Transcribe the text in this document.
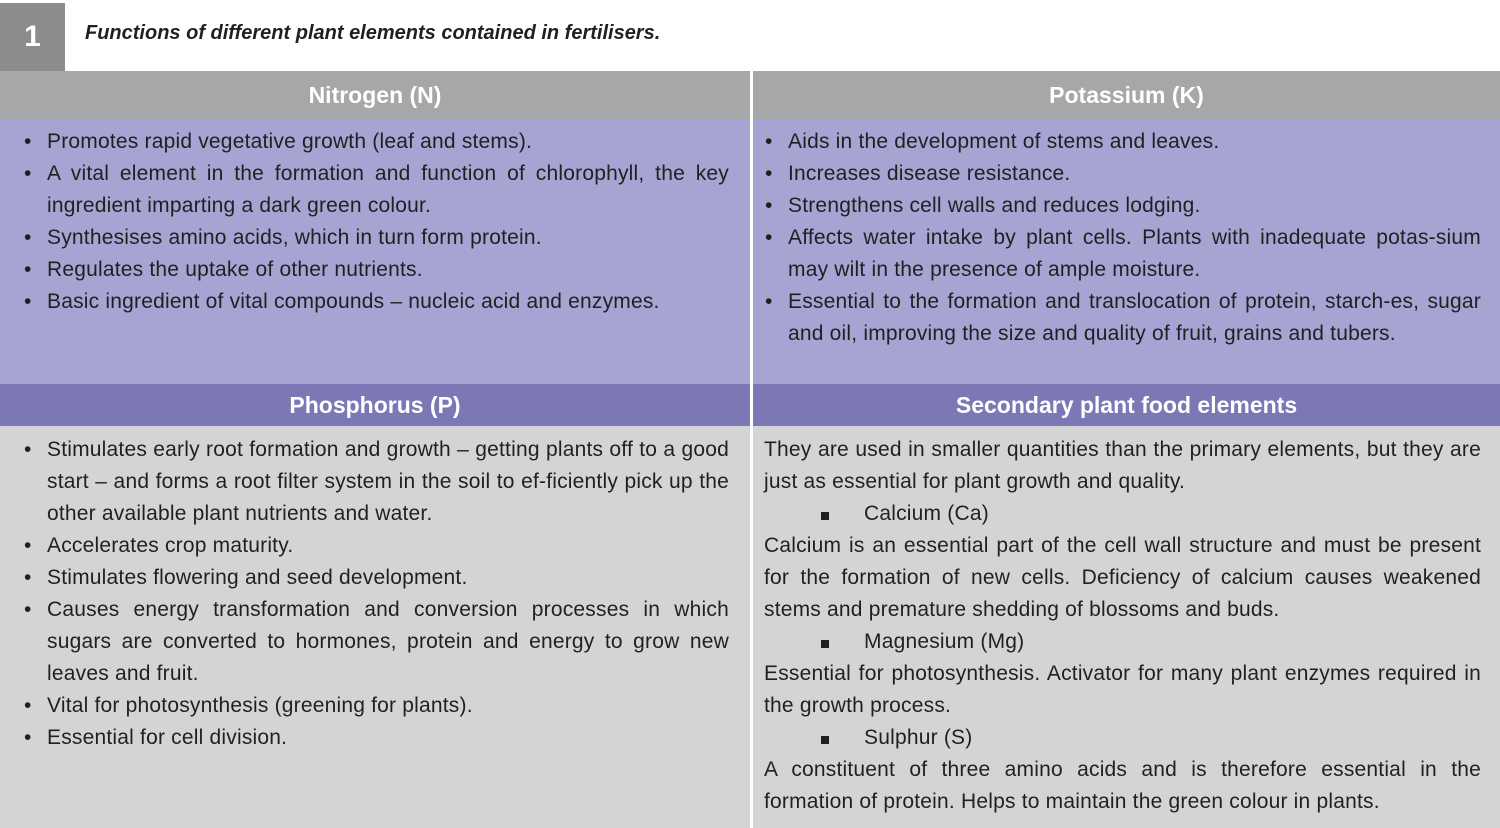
1	Functions of different plant elements contained in fertilisers.
Nitrogen (N)
• Promotes rapid vegetative growth (leaf and stems).
• A vital element in the formation and function of chlorophyll, the key ingredient imparting a dark green colour.
• Synthesises amino acids, which in turn form protein.
• Regulates the uptake of other nutrients.
• Basic ingredient of vital compounds – nucleic acid and enzymes.
Potassium (K)
• Aids in the development of stems and leaves.
• Increases disease resistance.
• Strengthens cell walls and reduces lodging.
• Affects water intake by plant cells. Plants with inadequate potas-sium may wilt in the presence of ample moisture.
• Essential to the formation and translocation of protein, starch-es, sugar and oil, improving the size and quality of fruit, grains and tubers.
Phosphorus (P)
• Stimulates early root formation and growth – getting plants off to a good start – and forms a root filter system in the soil to ef-ficiently pick up the other available plant nutrients and water.
• Accelerates crop maturity.
• Stimulates flowering and seed development.
• Causes energy transformation and conversion processes in which sugars are converted to hormones, protein and energy to grow new leaves and fruit.
• Vital for photosynthesis (greening for plants).
• Essential for cell division.
Secondary plant food elements

They are used in smaller quantities than the primary elements, but they are just as essential for plant growth and quality.

Calcium (Ca)

Calcium is an essential part of the cell wall structure and must be present for the formation of new cells. Deficiency of calcium causes weakened stems and premature shedding of blossoms and buds.

Magnesium (Mg)

Essential for photosynthesis. Activator for many plant enzymes required in the growth process.

Sulphur (S)

A constituent of three amino acids and is therefore essential in the formation of protein. Helps to maintain the green colour in plants.
